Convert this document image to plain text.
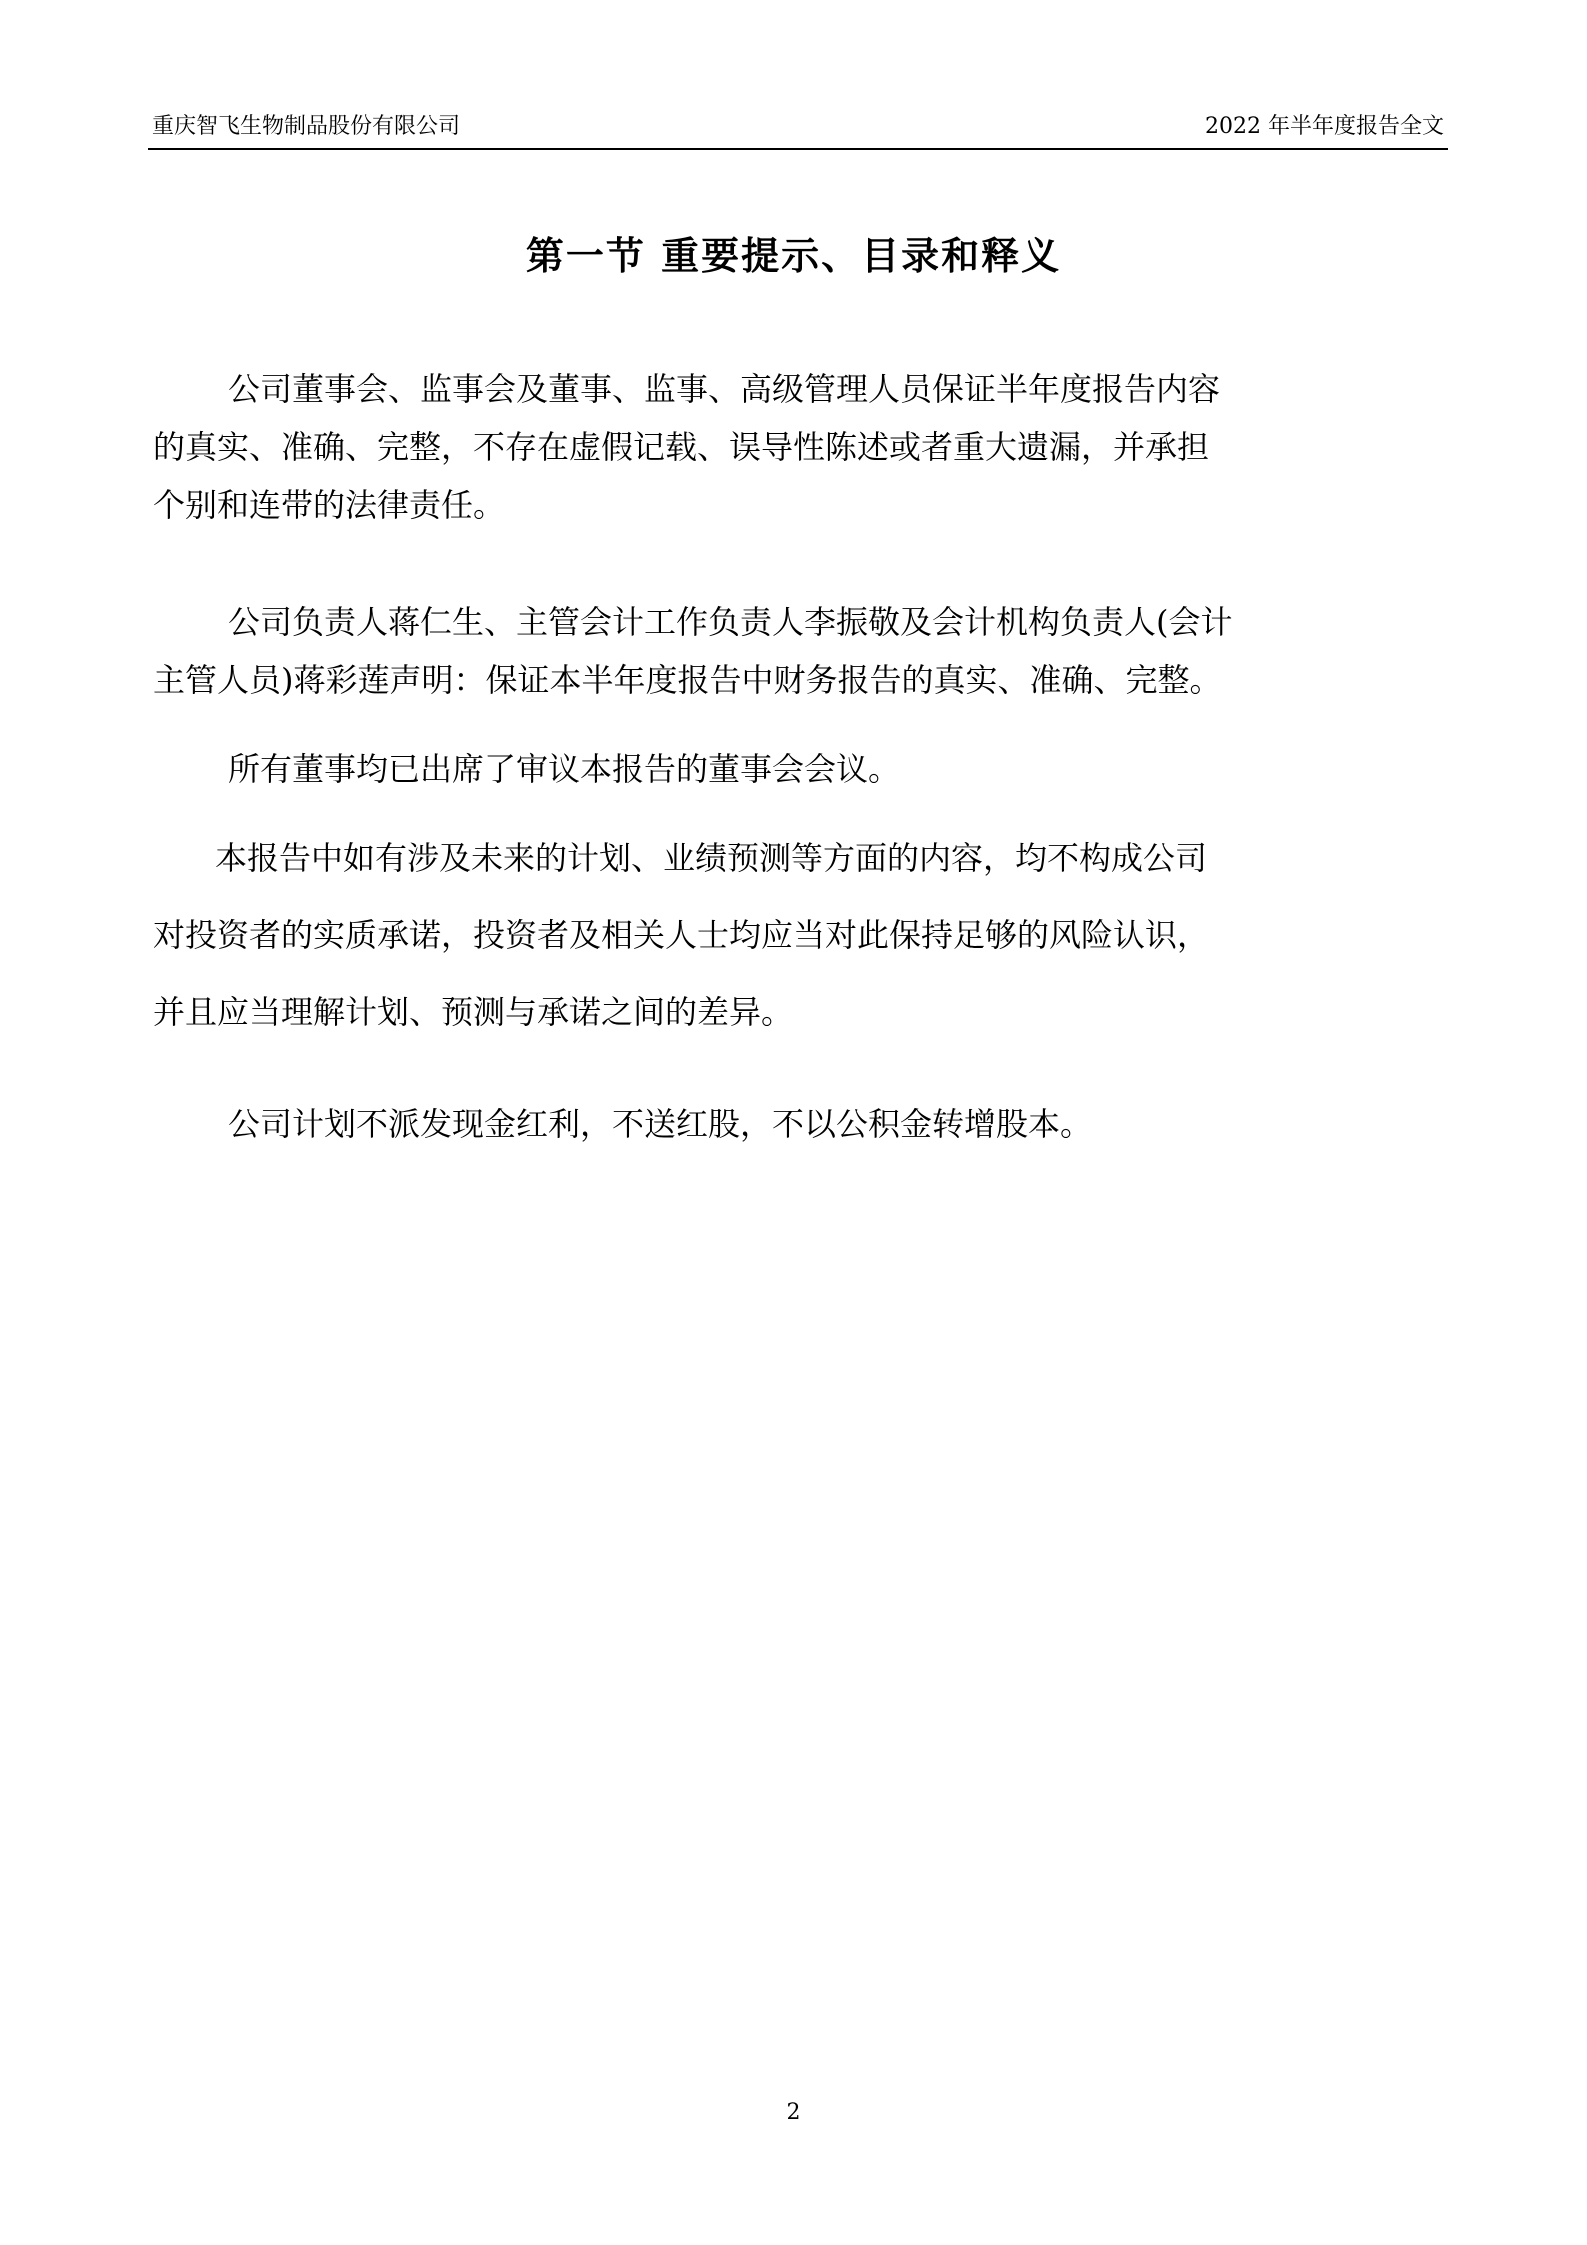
重庆智飞生物制品股份有限公司	2022 年半年度报告全文
第一节 重要提示、目录和释义
公司董事会、监事会及董事、监事、高级管理人员保证半年度报告内容
的真实、准确、完整，不存在虚假记载、误导性陈述或者重大遗漏，并承担
个别和连带的法律责任。
公司负责人蒋仁生、主管会计工作负责人李振敬及会计机构负责人(会计
主管人员)蒋彩莲声明：保证本半年度报告中财务报告的真实、准确、完整。
所有董事均已出席了审议本报告的董事会会议。
本报告中如有涉及未来的计划、业绩预测等方面的内容，均不构成公司
对投资者的实质承诺，投资者及相关人士均应当对此保持足够的风险认识，
并且应当理解计划、预测与承诺之间的差异。
公司计划不派发现金红利，不送红股，不以公积金转增股本。
2
